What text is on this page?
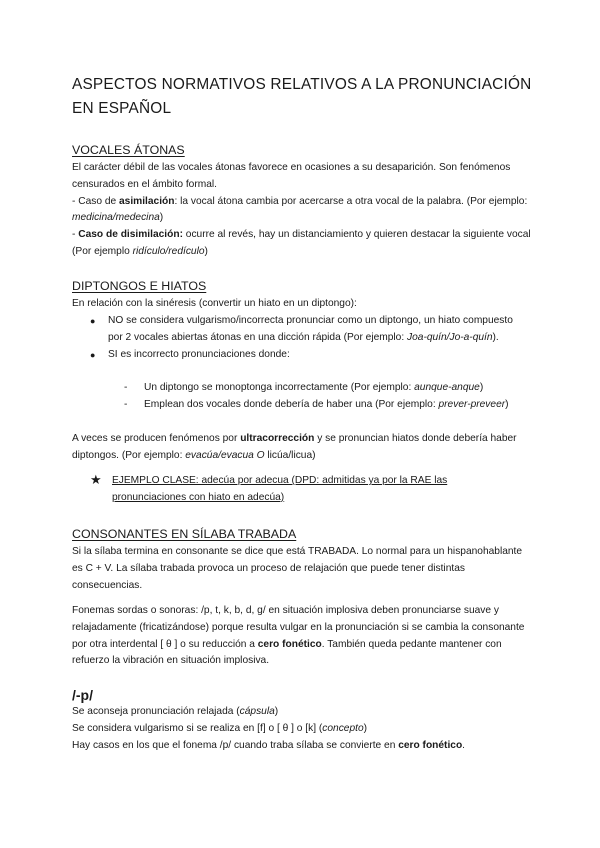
ASPECTOS NORMATIVOS RELATIVOS A LA PRONUNCIACIÓN EN ESPAÑOL
VOCALES ÁTONAS

El carácter débil de las vocales átonas favorece en ocasiones a su desaparición. Son fenómenos censurados en el ámbito formal.

- Caso de asimilación: la vocal átona cambia por acercarse a otra vocal de la palabra. (Por ejemplo: medicina/medecina)

- Caso de disimilación: ocurre al revés, hay un distanciamiento y quieren destacar la siguiente vocal (Por ejemplo ridículo/redículo)

DIPTONGOS E HIATOS
En relación con la sinéresis (convertir un hiato en un diptongo):
● NO se considera vulgarismo/incorrecta pronunciar como un diptongo, un hiato compuesto por 2 vocales abiertas átonas en una dicción rápida (Por ejemplo: Joa-quín/Jo-a-quín).
● SI es incorrecto pronunciaciones donde:
- Un diptongo se monoptonga incorrectamente (Por ejemplo: aunque-anque)
- Emplean dos vocales donde debería de haber una (Por ejemplo: prever-preveer)

A veces se producen fenómenos por ultracorrección y se pronuncian hiatos donde debería haber diptongos. (Por ejemplo: evacúa/evacua O licúa/licua)

★	EJEMPLO CLASE: adecúa por adecua (DPD: admitidas ya por la RAE las pronunciaciones con hiato en adecúa)
CONSONANTES EN SÍLABA TRABADA
Si la sílaba termina en consonante se dice que está TRABADA. Lo normal para un hispanohablante es C + V. La sílaba trabada provoca un proceso de relajación que puede tener distintas consecuencias.

Fonemas sordas o sonoras: /p, t, k, b, d, g/ en situación implosiva deben pronunciarse suave y relajadamente (fricatizándose) porque resulta vulgar en la pronunciación si se cambia la consonante por otra interdental [ θ ] o su reducción a cero fonético. También queda pedante mantener con refuerzo la vibración en situación implosiva.

/-p/

Se aconseja pronunciación relajada (cápsula)

Se considera vulgarismo si se realiza en [f] o [ θ ] o [k] (concepto)

Hay casos en los que el fonema /p/ cuando traba sílaba se convierte en cero fonético.
